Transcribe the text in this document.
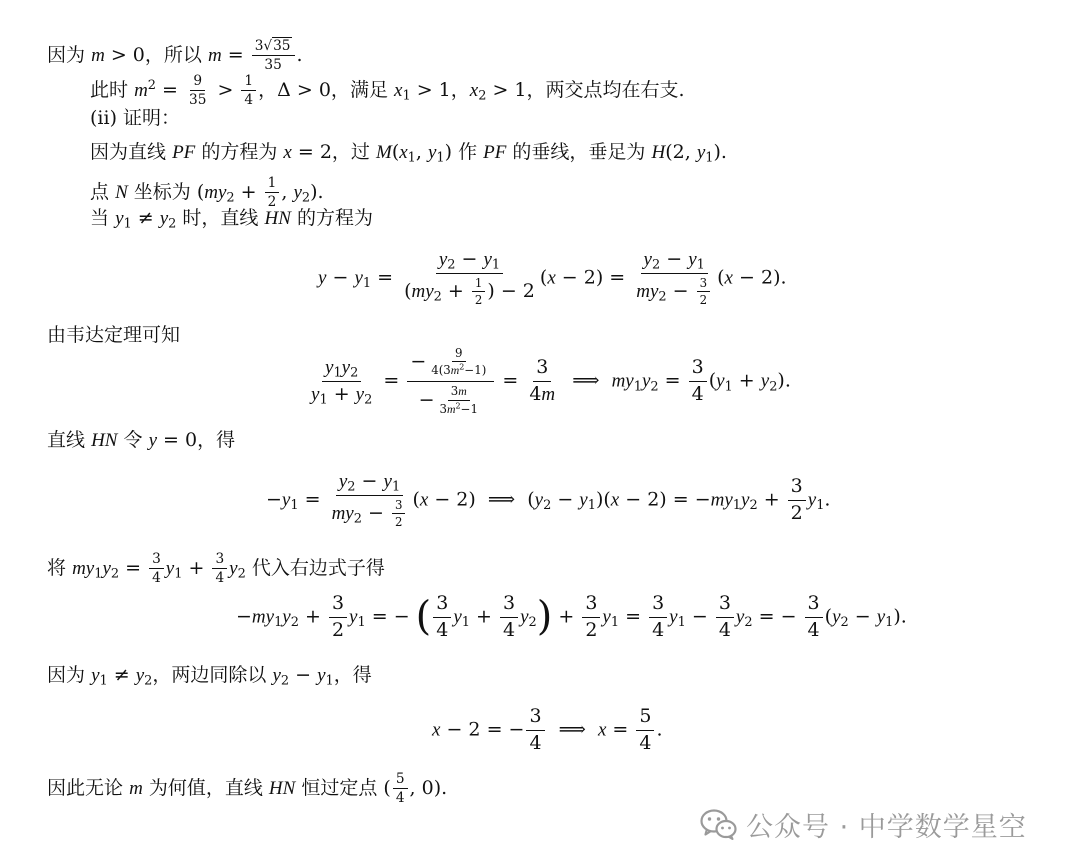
因为 m > 0，所以 $m = \frac{3√35}{35}$ .
此时 $m^2 = \frac{9}{35} > \frac{1}{4}$ ，Δ > 0，满足 $x_1 > 1$，$x_2 > 1$，两交点均在右支.
(ii) 证明：
因为直线 PF 的方程为 x = 2，过 $M(x_1$, $y_1$) 作 PF 的垂线，垂足为 H(2, $y_1$).
点 N 坐标为 ($my_2 + \frac{1}{2}$ , $y_2$).
当 $y_1 \ne y_2$ 时，直线 HN 的方程为
$y - y_1 = \frac{y_2 - y_1}{(my_2 + \frac{1}{2} ) - 2} (x - 2) = \frac{y_2 - y_1}{my_2 - \frac{3}{2}} (x - 2)$.
由韦达定理可知
$\frac{y_1y_2}{y_1 + y_2} = \frac{- \frac{9}{4(3m^2-1)}}{- \frac{3m}{3m^2-1}} = \frac{3}{4m}$ ⟹  $my_1y_2 = \frac{3}{4} (y_1 + y_2)$.
直线 HN 令 y = 0，得
$-y_1 = \frac{y_2 - y_1}{my_2 - \frac{3}{2}} (x - 2)$  ⟹  $(y_2 - y_1)(x - 2) = -my_1y_2 + \frac{3}{2} y_1$.
将 $my_1y_2 = \frac{3}{4} y_1 + \frac{3}{4} y_2$ 代入右边式子得
$-my_1y_2 + \frac{3}{2} y_1$ = − ( $\frac{3}{4} y_1 + \frac{3}{4} y_2) + \frac{3}{2} y_1 = \frac{3}{4} y_1 - \frac{3}{4} y_2$ = − $\frac{3}{4} (y_2 - y_1)$.
因为 $y_1 \ne y_2$，两边同除以 $y_2 - y_1$，得
x − 2 = − $\frac{3}{4}$ ⟹  $x = \frac{5}{4}$ .
因此无论 m 为何值，直线 HN 恒过定点 ( $\frac{5}{4}$ , 0).
公众号 · 中学数学星空
